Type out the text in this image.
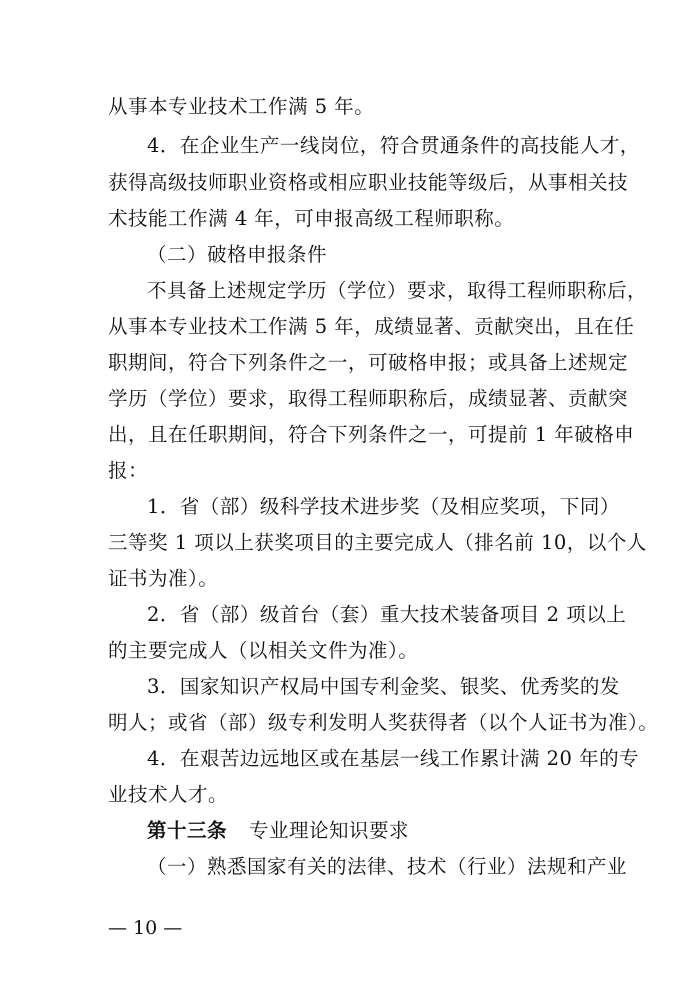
从事本专业技术工作满 5 年。
4．在企业生产一线岗位，符合贯通条件的高技能人才，
获得高级技师职业资格或相应职业技能等级后，从事相关技
术技能工作满 4 年，可申报高级工程师职称。
（二）破格申报条件
不具备上述规定学历（学位）要求，取得工程师职称后，
从事本专业技术工作满 5 年，成绩显著、贡献突出，且在任
职期间，符合下列条件之一，可破格申报；或具备上述规定
学历（学位）要求，取得工程师职称后，成绩显著、贡献突
出，且在任职期间，符合下列条件之一，可提前 1 年破格申
报：
1．省（部）级科学技术进步奖（及相应奖项，下同）
三等奖 1 项以上获奖项目的主要完成人（排名前 10，以个人
证书为准）。
2．省（部）级首台（套）重大技术装备项目 2 项以上
的主要完成人（以相关文件为准）。
3．国家知识产权局中国专利金奖、银奖、优秀奖的发
明人；或省（部）级专利发明人奖获得者（以个人证书为准）。
4．在艰苦边远地区或在基层一线工作累计满 20 年的专
业技术人才。
第十三条 专业理论知识要求
（一）熟悉国家有关的法律、技术（行业）法规和产业
— 10 —
